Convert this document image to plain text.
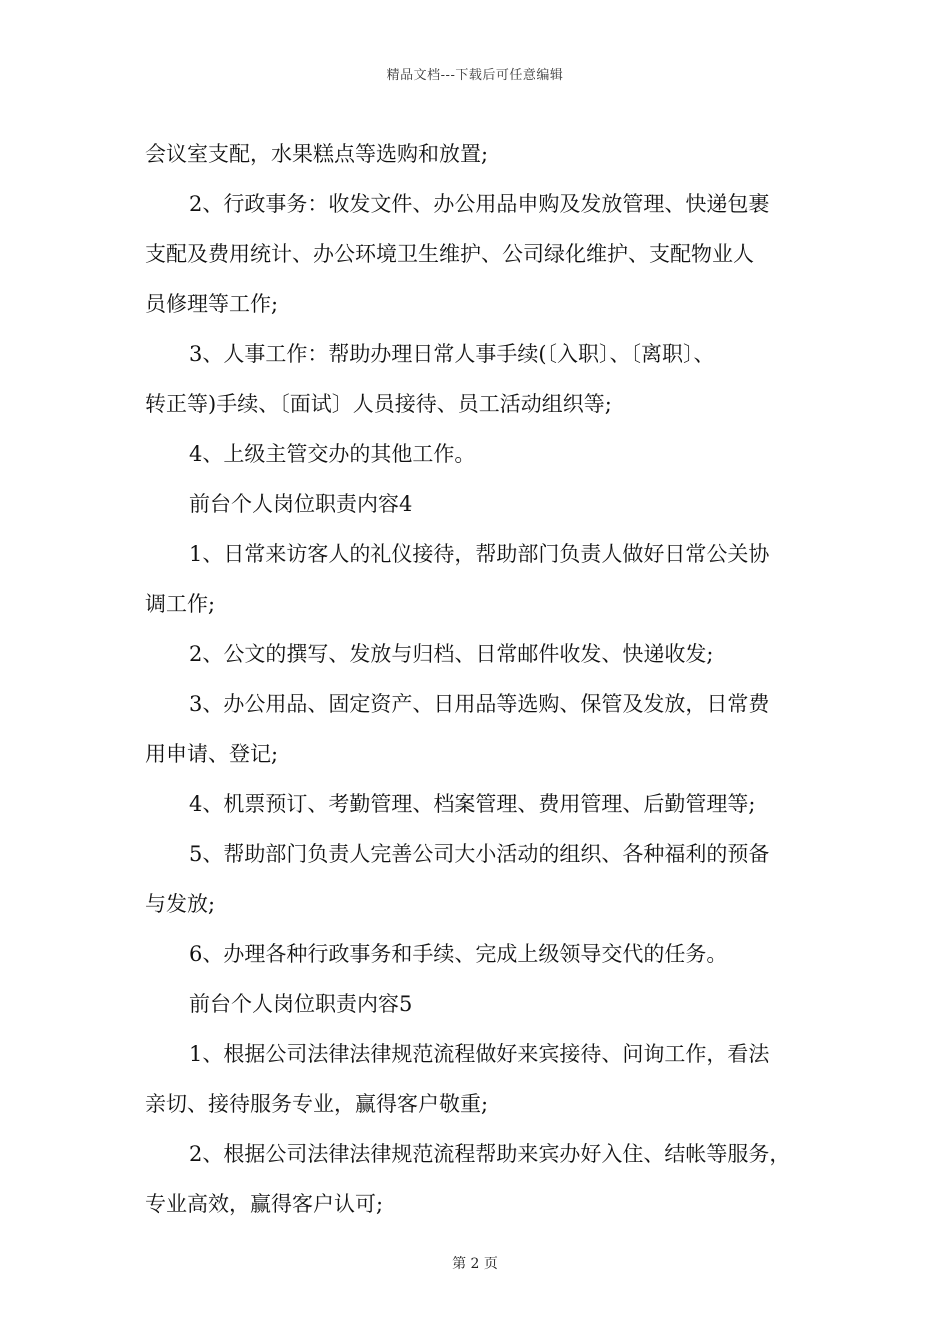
精品文档---下载后可任意编辑
会议室支配，水果糕点等选购和放置;
2、行政事务：收发文件、办公用品申购及发放管理、快递包裹
支配及费用统计、办公环境卫生维护、公司绿化维护、支配物业人
员修理等工作;
3、人事工作：帮助办理日常人事手续(〔入职〕、〔离职〕、
转正等)手续、〔面试〕人员接待、员工活动组织等;
4、上级主管交办的其他工作。
前台个人岗位职责内容4
1、日常来访客人的礼仪接待，帮助部门负责人做好日常公关协
调工作;
2、公文的撰写、发放与归档、日常邮件收发、快递收发;
3、办公用品、固定资产、日用品等选购、保管及发放，日常费
用申请、登记;
4、机票预订、考勤管理、档案管理、费用管理、后勤管理等;
5、帮助部门负责人完善公司大小活动的组织、各种福利的预备
与发放;
6、办理各种行政事务和手续、完成上级领导交代的任务。
前台个人岗位职责内容5
1、根据公司法律法律规范流程做好来宾接待、问询工作，看法
亲切、接待服务专业，赢得客户敬重;
2、根据公司法律法律规范流程帮助来宾办好入住、结帐等服务，
专业高效，赢得客户认可;
第 2 页
